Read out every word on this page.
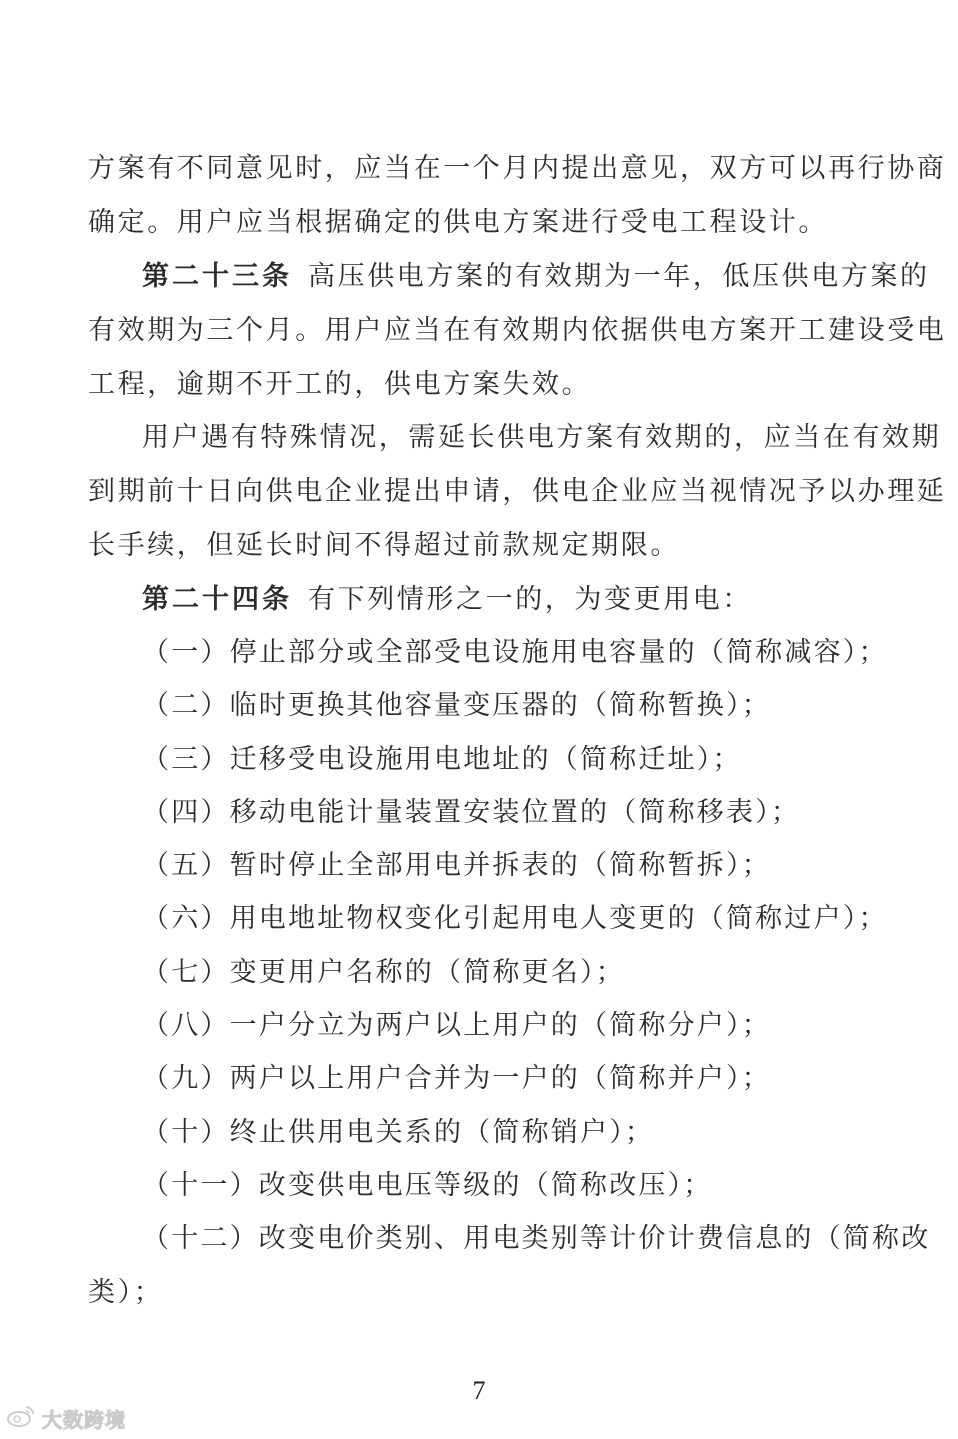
方案有不同意见时，应当在一个月内提出意见，双方可以再行协商
确定。用户应当根据确定的供电方案进行受电工程设计。
第二十三条 高压供电方案的有效期为一年，低压供电方案的
有效期为三个月。用户应当在有效期内依据供电方案开工建设受电
工程，逾期不开工的，供电方案失效。
用户遇有特殊情况，需延长供电方案有效期的，应当在有效期
到期前十日向供电企业提出申请，供电企业应当视情况予以办理延
长手续，但延长时间不得超过前款规定期限。
第二十四条 有下列情形之一的，为变更用电：
（一）停止部分或全部受电设施用电容量的（简称减容）；
（二）临时更换其他容量变压器的（简称暂换）；
（三）迁移受电设施用电地址的（简称迁址）；
（四）移动电能计量装置安装位置的（简称移表）；
（五）暂时停止全部用电并拆表的（简称暂拆）；
（六）用电地址物权变化引起用电人变更的（简称过户）；
（七）变更用户名称的（简称更名）；
（八）一户分立为两户以上用户的（简称分户）；
（九）两户以上用户合并为一户的（简称并户）；
（十）终止供用电关系的（简称销户）；
（十一）改变供电电压等级的（简称改压）；
（十二）改变电价类别、用电类别等计价计费信息的（简称改
类）；
7
大数跨境
